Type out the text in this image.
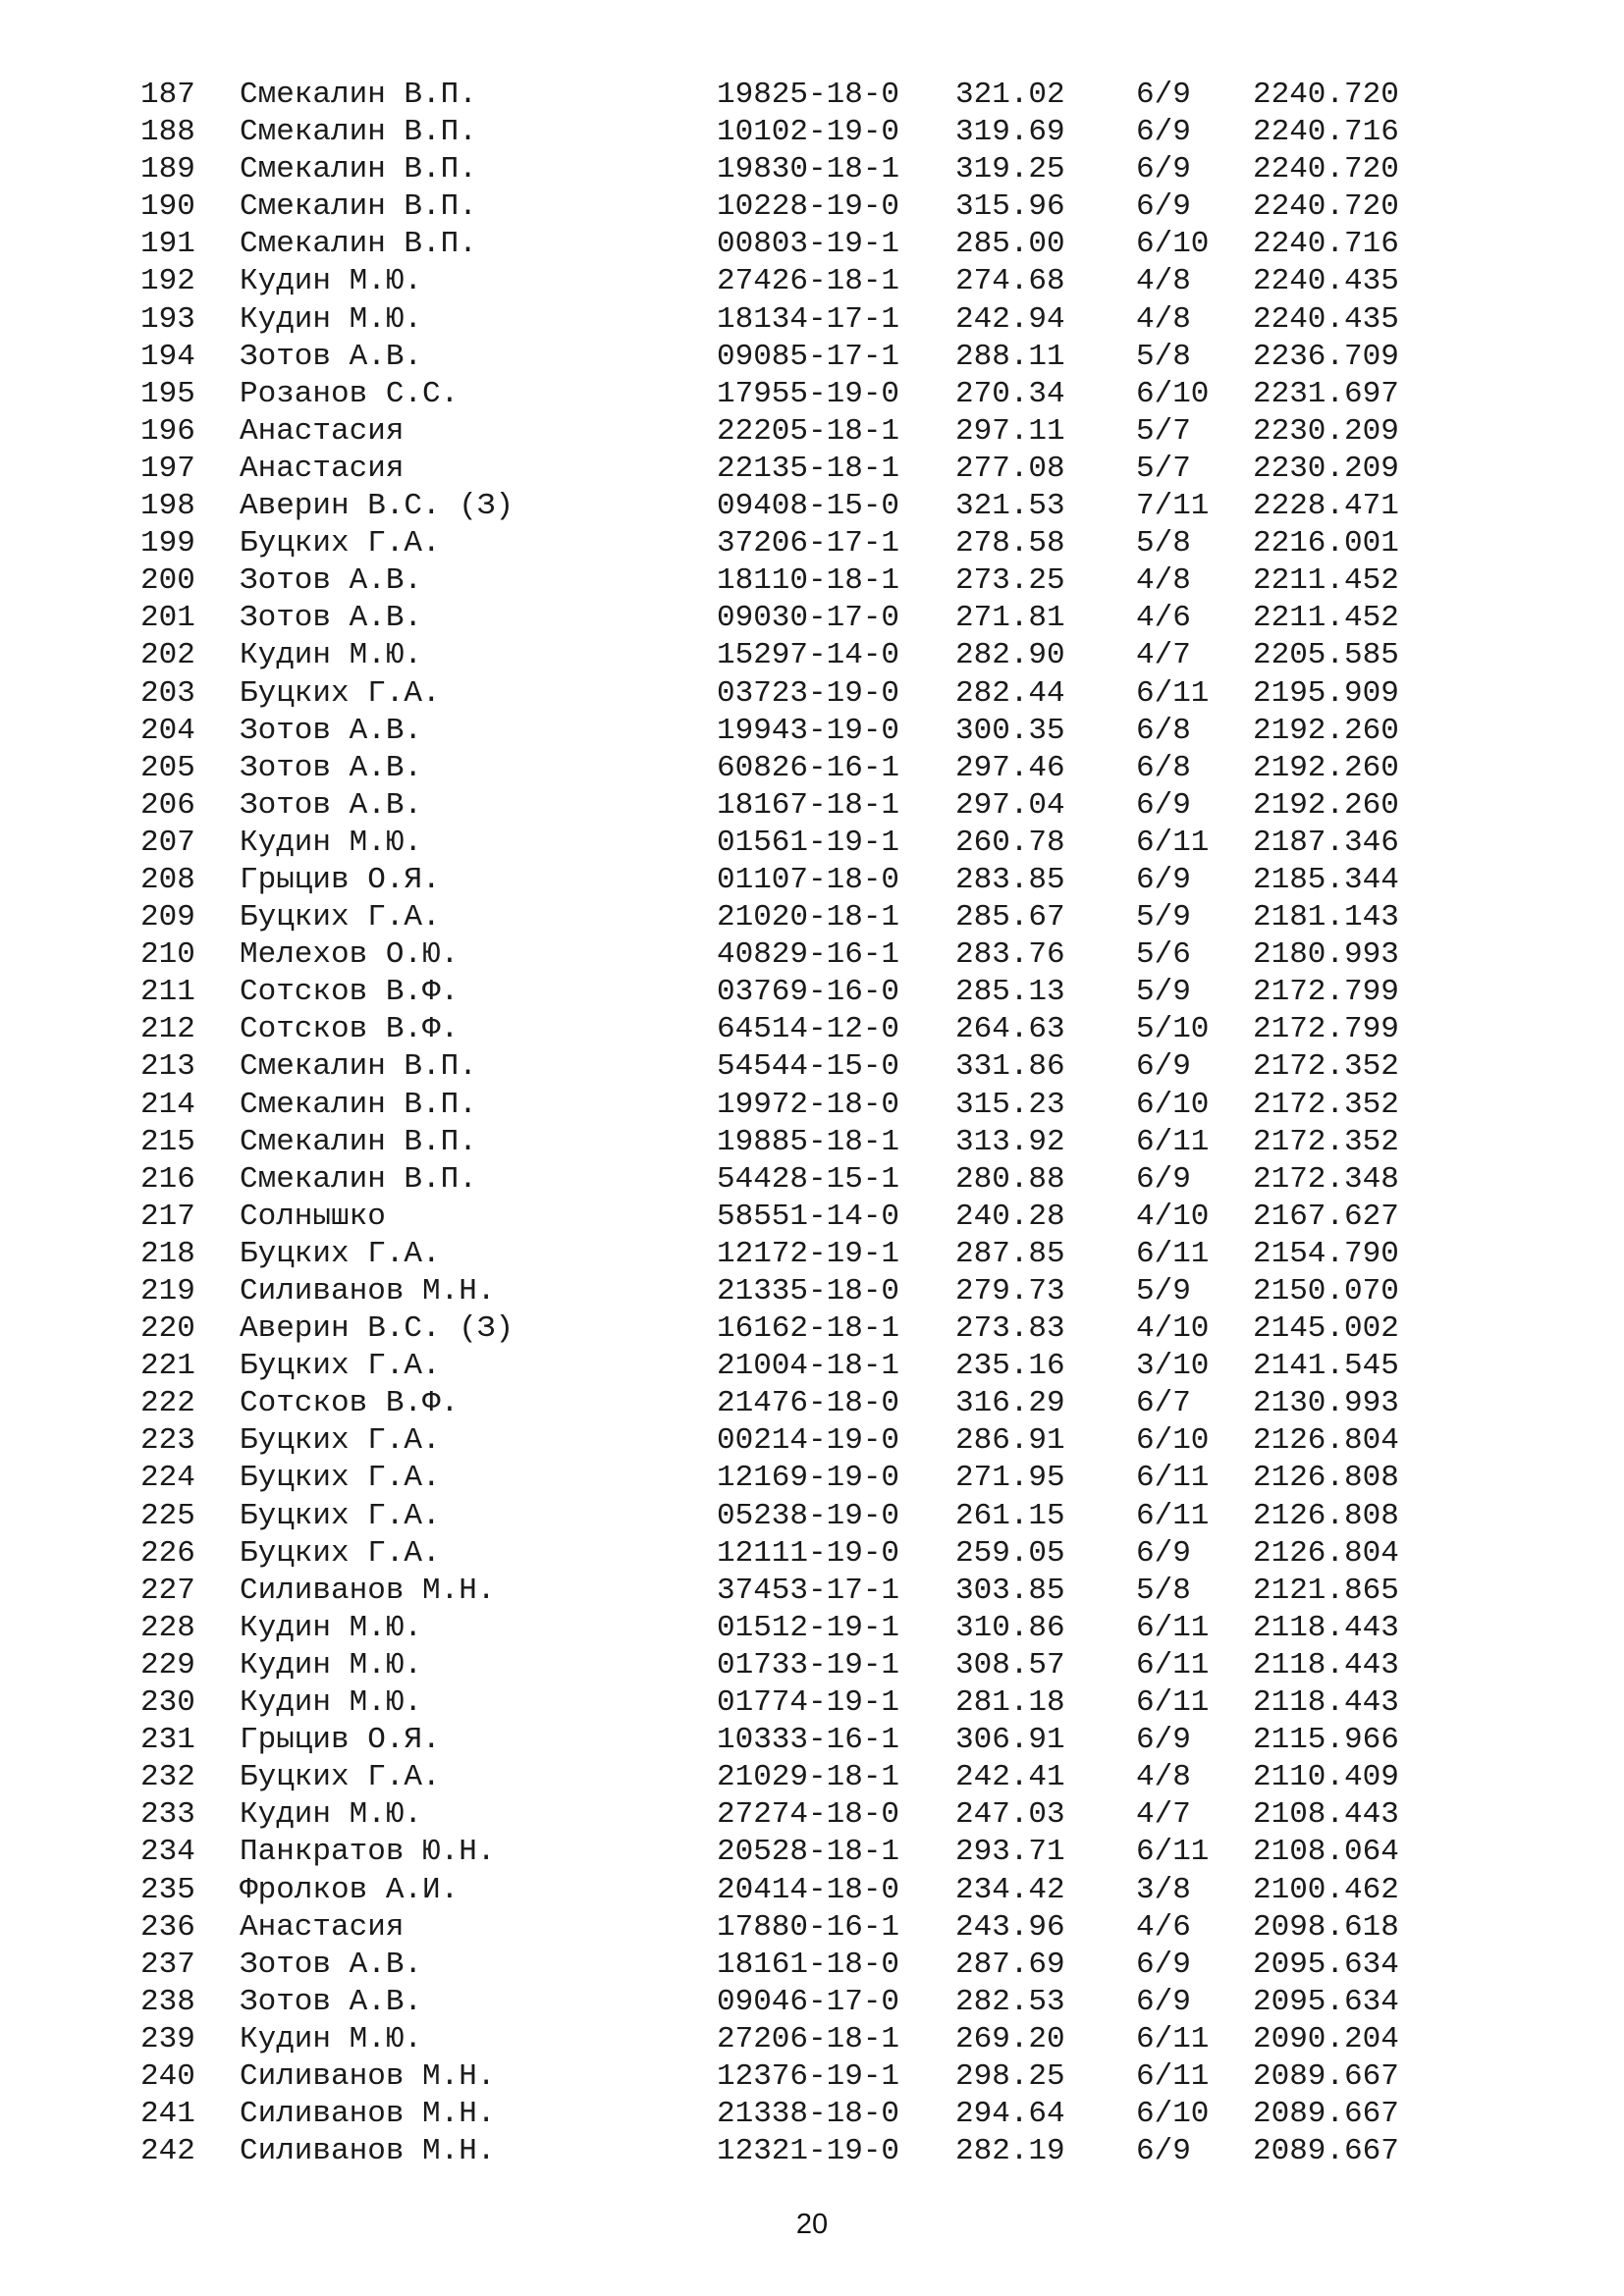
187 Смекалин В.П.	19825-18-0 321.02 6/9 2240.720
188 Смекалин В.П.	10102-19-0 319.69 6/9 2240.716
189 Смекалин В.П.	19830-18-1 319.25 6/9 2240.720
190 Смекалин В.П.	10228-19-0 315.96 6/9 2240.720
191 Смекалин В.П.	00803-19-1 285.00 6/10 2240.716
192 Кудин М.Ю.	27426-18-1 274.68 4/8 2240.435
193 Кудин М.Ю.	18134-17-1 242.94 4/8 2240.435
194 Зотов А.В.	09085-17-1 288.11 5/8 2236.709
195 Розанов С.С.	17955-19-0 270.34 6/10 2231.697
196 Анастасия	22205-18-1 297.11 5/7 2230.209
197 Анастасия	22135-18-1 277.08 5/7 2230.209
198 Аверин В.С. (З)	09408-15-0 321.53 7/11 2228.471
199 Буцких Г.А.	37206-17-1 278.58 5/8 2216.001
200 Зотов А.В.	18110-18-1 273.25 4/8 2211.452
201 Зотов А.В.	09030-17-0 271.81 4/6 2211.452
202 Кудин М.Ю.	15297-14-0 282.90 4/7 2205.585
203 Буцких Г.А.	03723-19-0 282.44 6/11 2195.909
204 Зотов А.В.	19943-19-0 300.35 6/8 2192.260
205 Зотов А.В.	60826-16-1 297.46 6/8 2192.260
206 Зотов А.В.	18167-18-1 297.04 6/9 2192.260
207 Кудин М.Ю.	01561-19-1 260.78 6/11 2187.346
208 Грыцив О.Я.	01107-18-0 283.85 6/9 2185.344
209 Буцких Г.А.	21020-18-1 285.67 5/9 2181.143
210 Мелехов О.Ю.	40829-16-1 283.76 5/6 2180.993
211 Сотсков В.Ф.	03769-16-0 285.13 5/9 2172.799
212 Сотсков В.Ф.	64514-12-0 264.63 5/10 2172.799
213 Смекалин В.П.	54544-15-0 331.86 6/9 2172.352
214 Смекалин В.П.	19972-18-0 315.23 6/10 2172.352
215 Смекалин В.П.	19885-18-1 313.92 6/11 2172.352
216 Смекалин В.П.	54428-15-1 280.88 6/9 2172.348
217 Солнышко	58551-14-0 240.28 4/10 2167.627
218 Буцких Г.А.	12172-19-1 287.85 6/11 2154.790
219 Силиванов М.Н.	21335-18-0 279.73 5/9 2150.070
220 Аверин В.С. (З)	16162-18-1 273.83 4/10 2145.002
221 Буцких Г.А.	21004-18-1 235.16 3/10 2141.545
222 Сотсков В.Ф.	21476-18-0 316.29 6/7 2130.993
223 Буцких Г.А.	00214-19-0 286.91 6/10 2126.804
224 Буцких Г.А.	12169-19-0 271.95 6/11 2126.808
225 Буцких Г.А.	05238-19-0 261.15 6/11 2126.808
226 Буцких Г.А.	12111-19-0 259.05 6/9 2126.804
227 Силиванов М.Н.	37453-17-1 303.85 5/8 2121.865
228 Кудин М.Ю.	01512-19-1 310.86 6/11 2118.443
229 Кудин М.Ю.	01733-19-1 308.57 6/11 2118.443
230 Кудин М.Ю.	01774-19-1 281.18 6/11 2118.443
231 Грыцив О.Я.	10333-16-1 306.91 6/9 2115.966
232 Буцких Г.А.	21029-18-1 242.41 4/8 2110.409
233 Кудин М.Ю.	27274-18-0 247.03 4/7 2108.443
234 Панкратов Ю.Н.	20528-18-1 293.71 6/11 2108.064
235 Фролков А.И.	20414-18-0 234.42 3/8 2100.462
236 Анастасия	17880-16-1 243.96 4/6 2098.618
237 Зотов А.В.	18161-18-0 287.69 6/9 2095.634
238 Зотов А.В.	09046-17-0 282.53 6/9 2095.634
239 Кудин М.Ю.	27206-18-1 269.20 6/11 2090.204
240 Силиванов М.Н.	12376-19-1 298.25 6/11 2089.667
241 Силиванов М.Н.	21338-18-0 294.64 6/10 2089.667
242 Силиванов М.Н.	12321-19-0 282.19 6/9 2089.667
20
